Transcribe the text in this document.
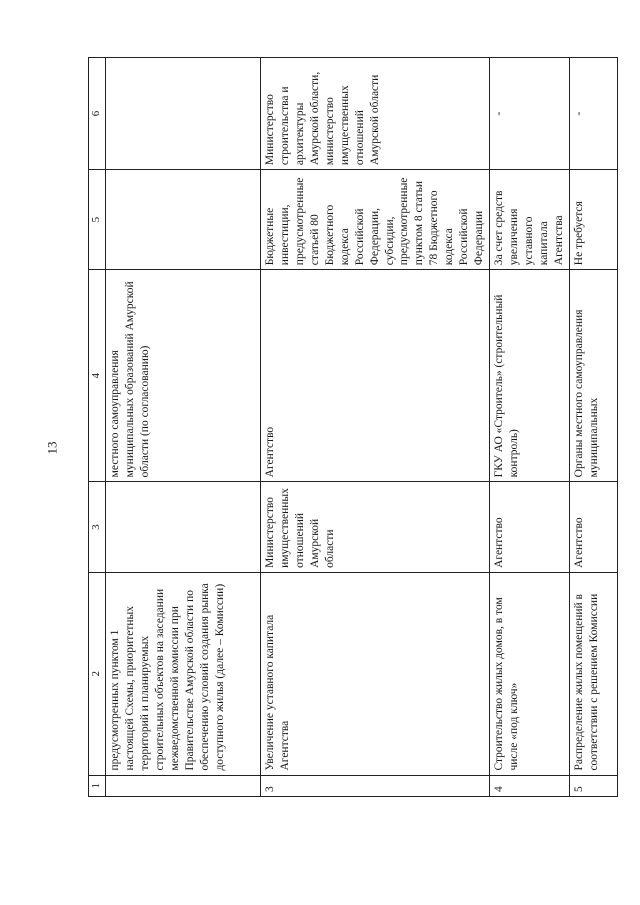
13
1	2	3	4	5	6
	предусмотренных пунктом 1 настоящей Схемы, приоритетных территорий и планируемых строительных объектов на заседании межведомственной комиссии при Правительстве Амурской области по обеспечению условий создания рынка доступного жилья (далее – Комиссии)		местного самоуправления муниципальных образований Амурской области (по согласованию)		
3	Увеличение уставного капитала Агентства	Министерство имущественных отношений Амурской области	Агентство	Бюджетные инвестиции, предусмотренные статьей 80 Бюджетного кодекса Российской Федерации, субсидии, предусмотренные пунктом 8 статьи 78 Бюджетного кодекса Российской Федерации	Министерство строительства и архитектуры Амурской области, министерство имущественных отношений Амурской области
4	Строительство жилых домов, в том числе «под ключ»	Агентство	ГКУ АО «Строитель» (строительный контроль)	За счет средств увеличения уставного капитала Агентства	-
5	Распределение жилых помещений в соответствии с решением Комиссии	Агентство	Органы местного самоуправления муниципальных	Не требуется	-
